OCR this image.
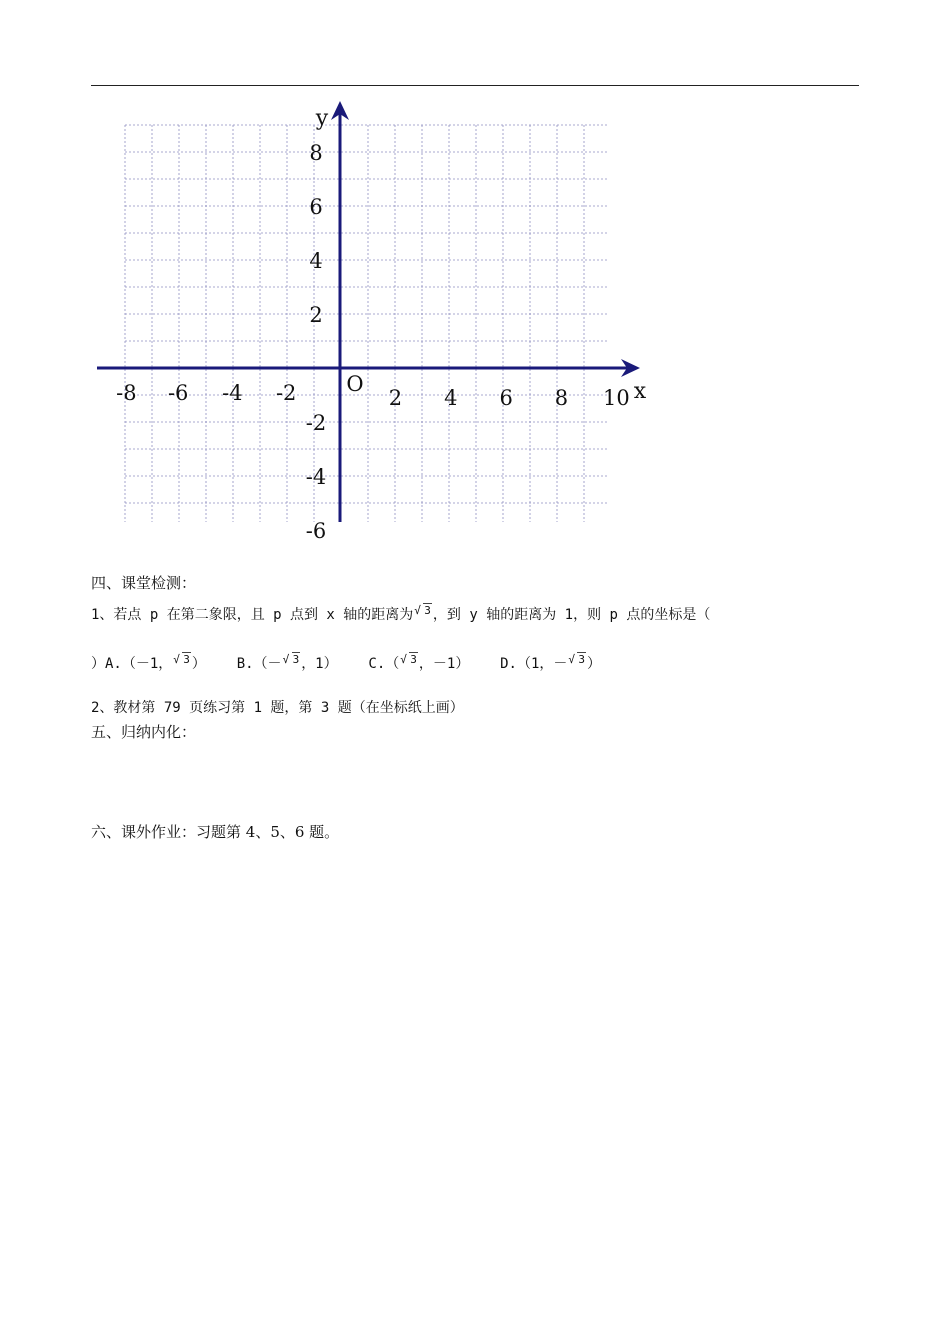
-8 -6 -4 -2	2 4 6 8 10
8
6
4
2
-2
-4
-6
O	x
y
四、课堂检测：
1、若点 p 在第二象限，且 p 点到 x 轴的距离为 √ 3 ，到 y 轴的距离为 1，则 p 点的坐标是（
）A.（－1， √ 3 ） B.（－ √ 3 ，1） C.（ √ 3 ，－1） D.（1，－ √ 3 ）
2、教材第 79 页练习第 1 题，第 3 题（在坐标纸上画）
五、归纳内化：
六、课外作业：习题第 4、5、6 题。
